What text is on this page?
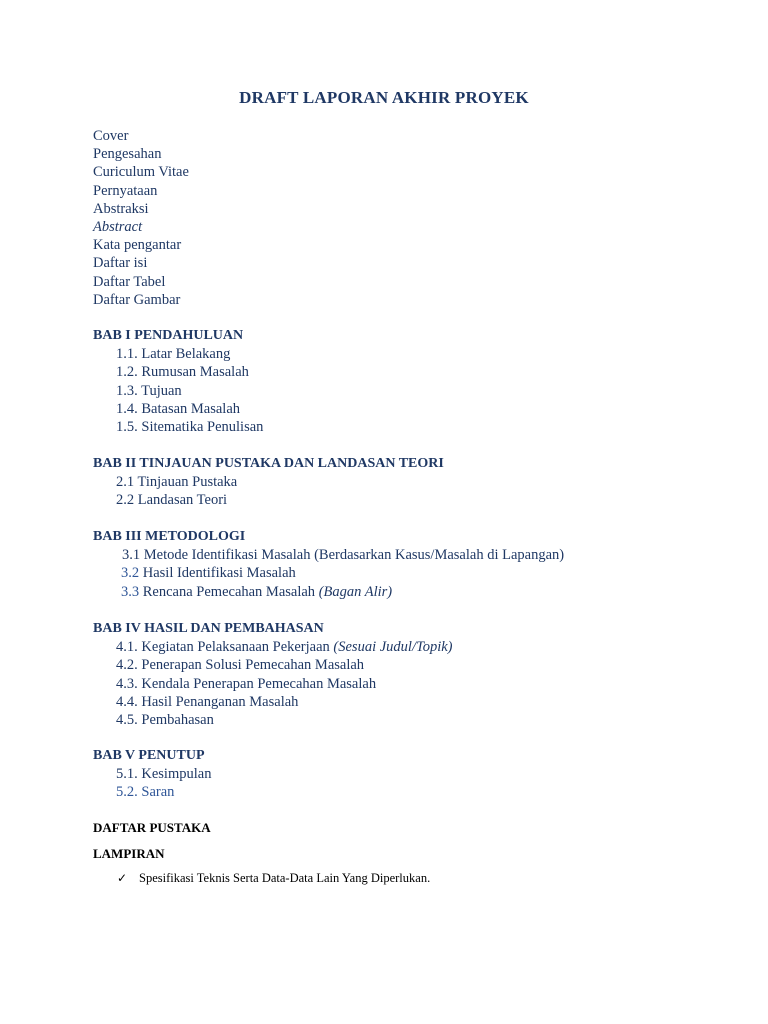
DRAFT LAPORAN AKHIR PROYEK
Cover
Pengesahan
Curiculum Vitae
Pernyataan
Abstraksi
Abstract
Kata pengantar
Daftar isi
Daftar Tabel
Daftar Gambar
BAB I PENDAHULUAN
1.1. Latar Belakang
1.2. Rumusan Masalah
1.3. Tujuan
1.4. Batasan Masalah
1.5. Sitematika Penulisan
BAB II TINJAUAN PUSTAKA DAN LANDASAN TEORI
2.1 Tinjauan Pustaka
2.2 Landasan Teori
BAB III METODOLOGI
3.1 Metode Identifikasi Masalah (Berdasarkan Kasus/Masalah di Lapangan)
3.2 Hasil Identifikasi Masalah
3.3 Rencana Pemecahan Masalah (Bagan Alir)
BAB IV HASIL DAN PEMBAHASAN
4.1. Kegiatan Pelaksanaan Pekerjaan (Sesuai Judul/Topik)
4.2. Penerapan Solusi Pemecahan Masalah
4.3. Kendala Penerapan Pemecahan Masalah
4.4. Hasil Penanganan Masalah
4.5. Pembahasan
BAB V PENUTUP
5.1. Kesimpulan
5.2. Saran
DAFTAR PUSTAKA
LAMPIRAN
✓ Spesifikasi Teknis Serta Data-Data Lain Yang Diperlukan.
